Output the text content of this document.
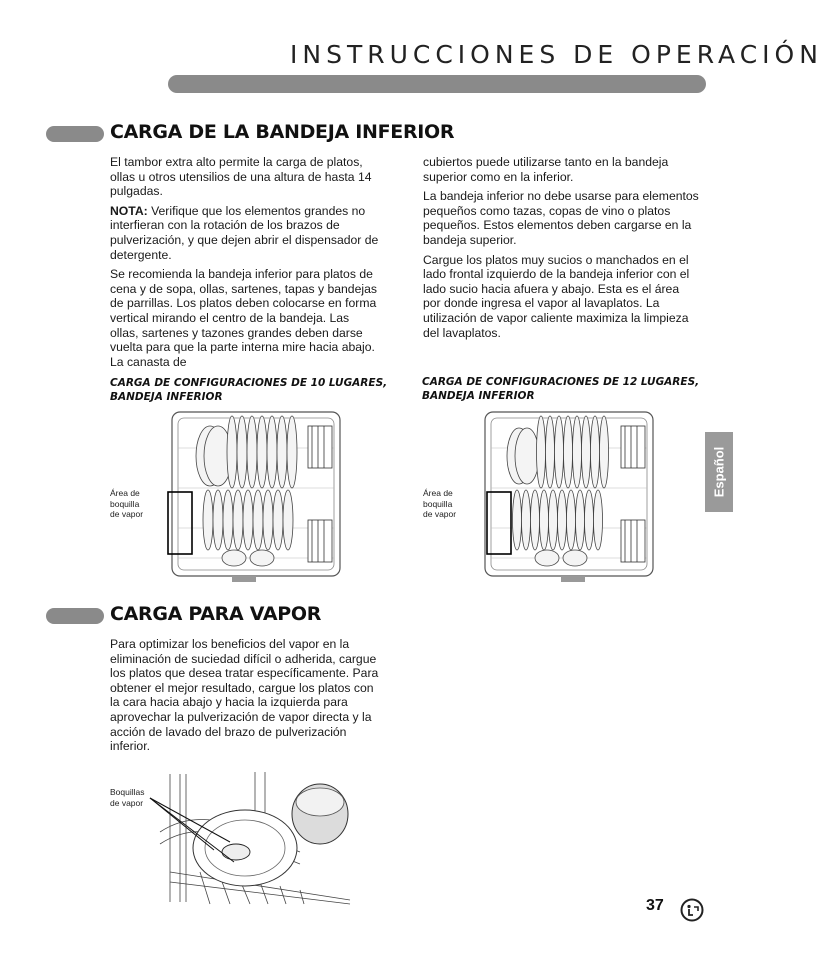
INSTRUCCIONES DE OPERACIÓN
CARGA DE LA BANDEJA INFERIOR

El tambor extra alto permite la carga de platos, ollas u otros utensilios de una altura de hasta 14 pulgadas.

NOTA: Verifique que los elementos grandes no interfieran con la rotación de los brazos de pulverización, y que dejen abrir el dispensador de detergente.

Se recomienda la bandeja inferior para platos de cena y de sopa, ollas, sartenes, tapas y bandejas de parrillas. Los platos deben colocarse en forma vertical mirando el centro de la bandeja. Las ollas, sartenes y tazones grandes deben darse vuelta para que la parte interna mire hacia abajo. La canasta de

cubiertos puede utilizarse tanto en la bandeja superior como en la inferior.

La bandeja inferior no debe usarse para elementos pequeños como tazas, copas de vino o platos pequeños. Estos elementos deben cargarse en la bandeja superior.

Cargue los platos muy sucios o manchados en el lado frontal izquierdo de la bandeja inferior con el lado sucio hacia afuera y abajo. Esta es el área por donde ingresa el vapor al lavaplatos. La utilización de vapor caliente maximiza la limpieza del lavaplatos.

CARGA DE CONFIGURACIONES DE 10 LUGARES,
BANDEJA INFERIOR
CARGA DE CONFIGURACIONES DE 12 LUGARES,
BANDEJA INFERIOR
Área de
boquilla
de vapor
Área de
boquilla
de vapor
CARGA PARA VAPOR

Para optimizar los beneficios del vapor en la eliminación de suciedad difícil o adherida, cargue los platos que desea tratar específicamente. Para obtener el mejor resultado, cargue los platos con la cara hacia abajo y hacia la izquierda para aprovechar la pulverización de vapor directa y la acción de lavado del brazo de pulverización inferior.

Boquillas
de vapor
Español
37
